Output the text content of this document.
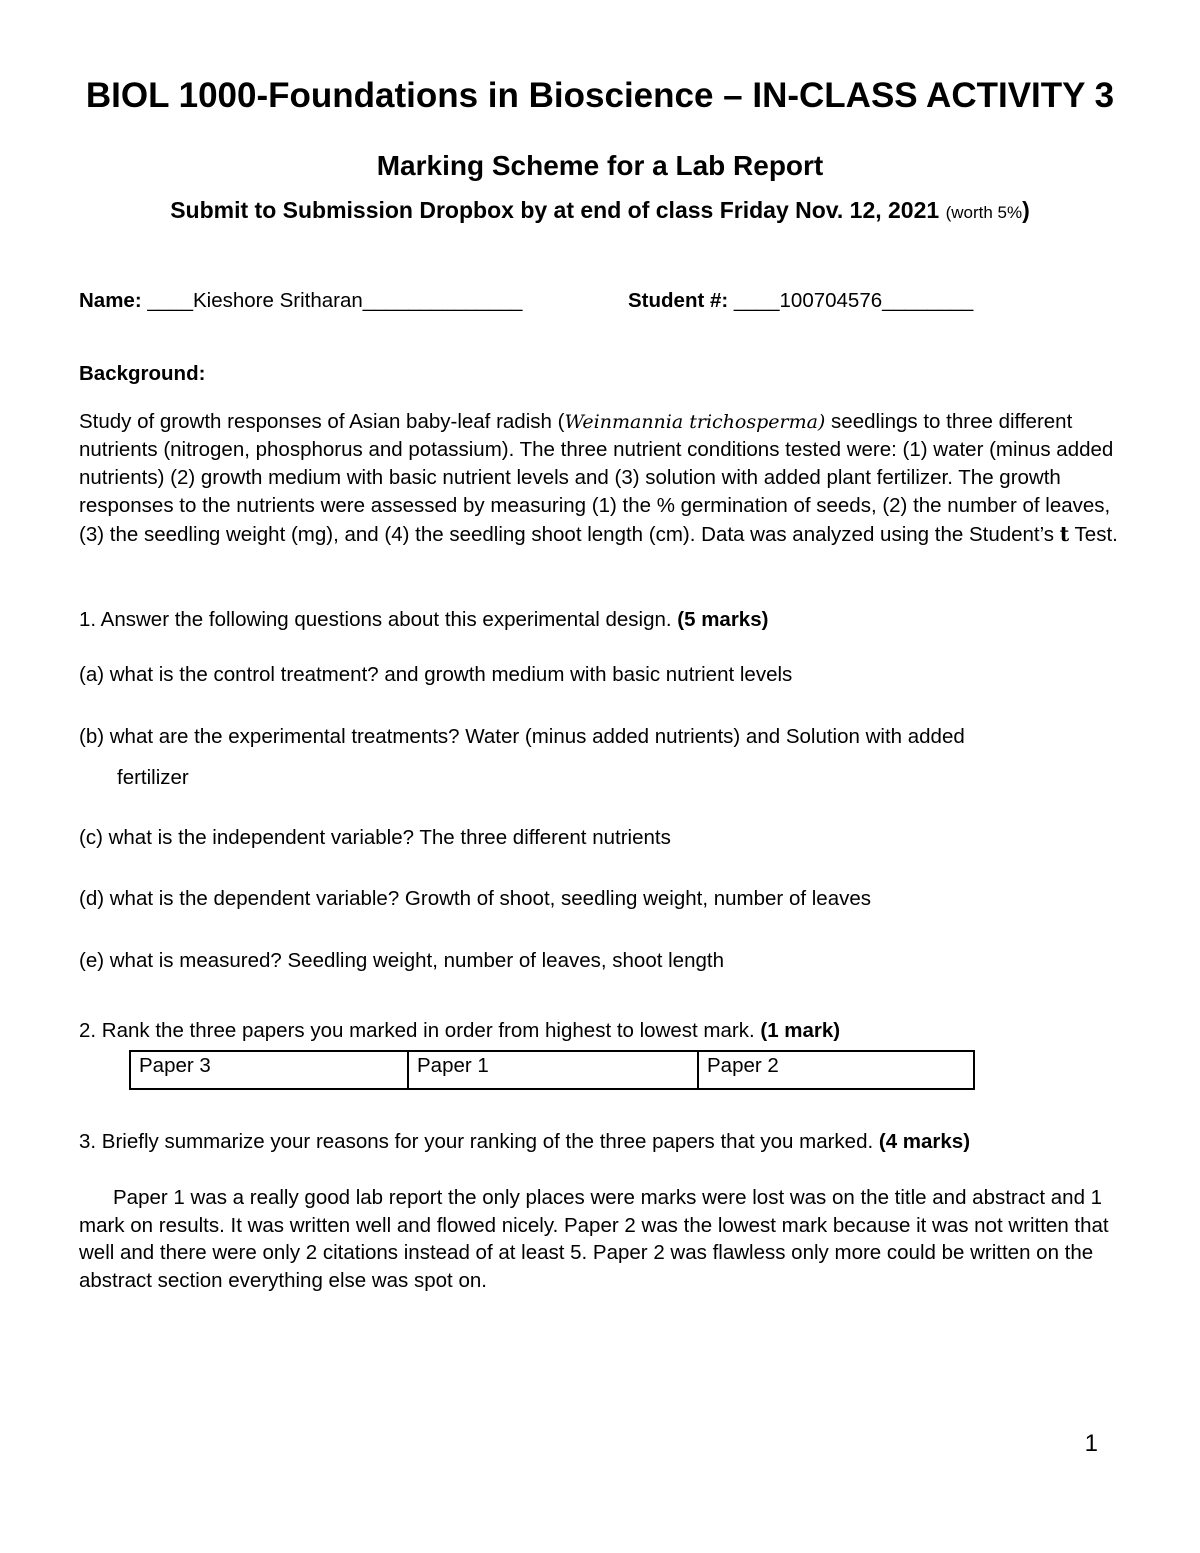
BIOL 1000-Foundations in Bioscience – IN-CLASS ACTIVITY 3
Marking Scheme for a Lab Report
Submit to Submission Dropbox by at end of class Friday Nov. 12, 2021 (worth 5%)
Name: ____Kieshore Sritharan______________	Student #: ____100704576________
Background:
Study of growth responses of Asian baby-leaf radish (Weinmannia trichosperma) seedlings to three different nutrients (nitrogen, phosphorus and potassium). The three nutrient conditions tested were: (1) water (minus added nutrients) (2) growth medium with basic nutrient levels and (3) solution with added plant fertilizer. The growth responses to the nutrients were assessed by measuring (1) the % germination of seeds, (2) the number of leaves, (3) the seedling weight (mg), and (4) the seedling shoot length (cm). Data was analyzed using the Student’s t Test.
1. Answer the following questions about this experimental design. (5 marks)
(a) what is the control treatment? and growth medium with basic nutrient levels
(b) what are the experimental treatments? Water (minus added nutrients) and Solution with added
fertilizer
(c) what is the independent variable? The three different nutrients
(d) what is the dependent variable? Growth of shoot, seedling weight, number of leaves
(e) what is measured? Seedling weight, number of leaves, shoot length
2. Rank the three papers you marked in order from highest to lowest mark. (1 mark)
Paper 3	Paper 1	Paper 2
3. Briefly summarize your reasons for your ranking of the three papers that you marked. (4 marks)
Paper 1 was a really good lab report the only places were marks were lost was on the title and abstract and 1 mark on results. It was written well and flowed nicely. Paper 2 was the lowest mark because it was not written that well and there were only 2 citations instead of at least 5. Paper 2 was flawless only more could be written on the abstract section everything else was spot on.
1
